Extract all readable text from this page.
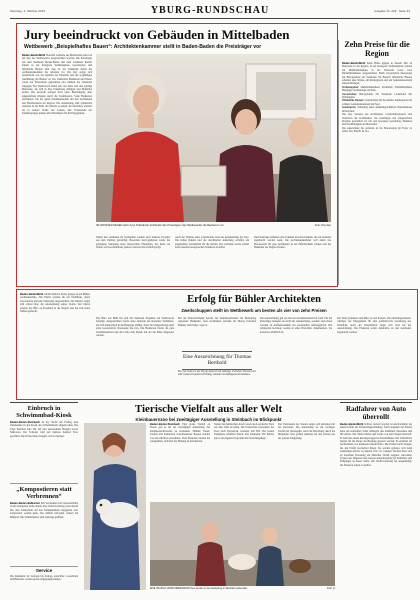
Samstag, 3. Oktober 2015	YBURG-RUNDSCHAU	Ausgabe Nr. 229 · Seite 33
Jury beeindruckt von Gebäuden in Mittelbaden
Wettbewerb „Beispielhaftes Bauen“: Architektenkammer stellt in Baden-Baden die Preisträger vor
Baden-Baden/Bühl Vierzehn Gebäude aus Mittelbaden sind von der Jury des Wettbewerbs ausgezeichnet worden. Die Preisträger aus dem Stadtkreis Baden-Baden und dem Landkreis Rastatt kamen in der Kategorie Wohnungsbau, Gewerbebau und öffentliche Bauten zum Zug. In der Trinkhalle stellte die Architektenkammer die Arbeiten vor. Die Jury zeigte sich beeindruckt von der Qualität der Entwürfe und der sorgfältigen Ausführung der Bauten vor Ort. Zahlreiche Bauherren und Planer waren zur Feierstunde gekommen und nahmen die Urkunden entgegen. Der Wettbewerb findet alle vier Jahre statt und würdigt Bauwerke, die sich in ihre Umgebung einfügen und Maßstäbe setzen. Die Auswahl erfolgte nach einer Besichtigung aller eingereichten Objekte durch die Kommission. Viele Bauherren berichteten von der guten Zusammenarbeit mit den Architekten und Handwerkern der Region. Die Ausstellung aller prämierten Arbeiten ist bis Ende des Monats zu sehen. Im Anschluss wandert sie in weitere Städte des Landes. Der Vorsitzende der Kammergruppe dankte allen Beteiligten für ihr Engagement.
IM GROSSEN SEGEN stellt Jurys Präsidentin Architektin den Preisträgern des Wettbewerbs die Bauherren vor	Foto: Penrose
Neben den Gebäuden im Stadtgebiet wurden auch mehrere Projekte aus dem Umland gewürdigt. Besonders hervorgehoben wurde die gelungene Sanierung eines historischen Ensembles, das heute als Wohn- und Geschäftshaus genutzt wird und das Ortsbild prägt.
Auch der Neubau einer Grundschule fand die Anerkennung der Jury. Die hellen Räume und die durchdachte Aufteilung schaffen ein angenehmes Lernumfeld für die Kinder. Das Gebäude wurde zudem nach neuesten energetischen Standards errichtet.
Die Preisträger erhielten eine Urkunde und eine Plakette, die am Gebäude angebracht werden kann. Die Architektenkammer will damit das Bewusstsein für gute Architektur in der Öffentlichkeit stärken und die Baukultur der Region fördern.
Zehn Preise für die Region
Baden-Baden/Bühl Zehn Preise gingen in diesem Jahr an Bauwerke in der Region. In der Kategorie Wohnungsbau wurden ein Mehrfamilienhaus in der Weststadt sowie zwei Einfamilienhäuser ausgezeichnet. Beim Gewerbebau überzeugte ein Bürogebäude am Stadtrand. Im Bereich öffentliche Bauten erhielten eine Schule, ein Kindergarten und ein Gemeindezentrum Auszeichnungen.
Wohnungsbau: Mehrfamilienhaus, Stadtmitte; Einfamilienhaus Hanglage; Wohnanlage am Park.
Gewerbebau: Bürogebäude mit Werkstatt; Ladenlokal mit Wohnungen.
Öffentliche Bauten: Grundschule mit Sporthalle; Kindergarten im Grünen; Gemeindezentrum mit Saal.
Sonderpreis: Sanierung eines denkmalgeschützten Bauernhauses im Rebland.
Die Jury bestand aus Architekten, Landschaftsplanern und Vertretern der Kommunen. Sie besichtigte alle eingereichten Projekte persönlich vor Ort und bewertete Gestaltung, Funktion und Nachhaltigkeit der Bauwerke.
Die Ausstellung der Arbeiten ist bis Monatsende im Foyer zu sehen. Der Eintritt ist frei.
Baden-Baden/Bühl Gleich mehrere Preise gingen an ein Bühler Architekturbüro. Die Planer wurden für ein Wohnhaus, einen Gewerbebau und eine Sanierung ausgezeichnet. Der Inhaber zeigte sich erfreut über die Anerkennung seines Teams. Seit Jahren arbeitet das Büro an Projekten in der Region und hat sich einen Namen gemacht.
Erfolg für Bühler Architekten
Zweitschuppen stellt im Wettbewerb am besten als vier von zehn Preisen
Das Büro aus Bühl hat sich mit mehreren Projekten am Wettbewerb beteiligt. Ausgezeichnet wurde unter anderem ein modernes Wohnhaus, das sich harmonisch in die Hanglage einfügt. Auch die Umgestaltung eines alten Gewerbehofs überzeugte die Jury. Die Bauherren lobten die gute Zusammenarbeit und die Liebe zum Detail, mit der die Pläne umgesetzt wurden.
Bei der Preisverleihung betonte der Kammerpräsident die Bedeutung regionaler Baukultur. Gute Architektur entstehe im Dialog zwischen Bauherr und Planer, sagte er.
Eine Auszeichnung für Thomas Berthold
Für das Team ist der Erfolg Ansporn für künftige Vorhaben. Bereits jetzt sind weitere Projekte in Planung, darunter ein Mehrgenerationenhaus.
Die Auszeichnung gilt als eine der renommiertesten im Land. Für die Preisträger bedeutet sie nicht nur Anerkennung, sondern auch einen Gewinn an Aufmerksamkeit bei potenziellen Auftraggebern. Die prämierten Gebäude werden in einer Broschüre dokumentiert, die kostenlos erhältlich ist.
Die Stadt gratulierte dem Büro zu den Preisen. Der Oberbürgermeister würdigte das Engagement für eine qualitätsvolle Gestaltung der Ortsbilder. Auch der Ortschaftsrat zeigte sich stolz auf die Auszeichnung. Die Plaketten sollen demnächst an den Gebäuden angebracht werden.
Einbruch in Schwimmbad-Kiosk
Baden-Baden-Steinbach In der Nacht auf Freitag sind Unbekannte in den Kiosk des Schwimmbads eingebrochen. Die Täter hebelten eine Tür auf und entwendeten Bargeld sowie Süßwaren. Der Schaden wird auf mehrere hundert Euro geschätzt. Die Polizei bittet Zeugen, sich zu melden.
„Kompostieren statt Verbrennen“
Baden-Baden-Balbacher Das Verbrennen von Gartenabfällen ist im Stadtgebiet nicht erlaubt. Die Stadtverwaltung weist darauf hin, dass Grünschnitt auf den Sammelplätzen abgegeben oder kompostiert werden kann. Wer Abfälle verbrennt, riskiert ein Bußgeld. Die Sammelplätze sind samstags geöffnet.
Service
Die Redaktion ist montags bis freitags erreichbar. Leserbriefe und Hinweise werden gerne entgegengenommen.
Tierische Vielfalt aus aller Welt
Kleinbauernzoo bei zweitägiger Ausstellung in Steinbach im Blickpunkt
Baden-Baden-Steinbach Eine große Vielfalt an Tieren gab es bei der zweitägigen Ausstellung des Kleintierzuchtvereins zu bestaunen. Hühner, Enten, Tauben und Kaninchen verschiedenster Rassen wurden von den Züchtern präsentiert. Viele Besucher nutzten die Gelegenheit, sich über die Haltung zu informieren.
Neben den heimischen Arten waren auch exotische Tiere aus aller Welt zu sehen. Die Preisrichter bewerteten die Tiere nach Körperbau, Gefieder und Fell. Die besten Exemplare erhielten Pokale und Urkunden. Für Kinder gab es ein eigenes Programm mit Streichelgehege.
Der Vorsitzende des Vereins zeigte sich zufrieden mit der Resonanz. Die Ausstellung sei ein wichtiger Termin im Vereinsjahr. Auch die Bewirtung durch die Mitglieder fand großen Anklang bei den Gästen aus der ganzen Umgebung.
EINE VIELFALT VERSCHIEDENSTER Tiere wurden in der Ausstellung in Steinbach präsentiert.	Foto: pr
Radfahrer von Auto überrollt
Baden-Baden/Bühl Schwer verletzt worden ist ein Radfahrer bei einem Unfall am Donnerstagnachmittag. Nach Angaben der Polizei hatte ein Autofahrer beim Abbiegen den Radfahrer übersehen und ihn erfasst. Der Mann stürzte und wurde von dem Wagen überrollt. Er kam mit einem Rettungswagen ins Krankenhaus. Die Unfallstelle musste für die Dauer der Bergung gesperrt werden. Es entstand ein Sachschaden von mehreren tausend Euro. Die Polizei sucht Zeugen, die den Unfall beobachtet haben. Sie werden gebeten, sich beim zuständigen Revier zu melden. Erst vor wenigen Wochen hatte sich an derselben Kreuzung ein ähnlicher Unfall ereignet. Anwohner fordern seit längerem eine bessere Ampelregelung für Radfahrer und Fußgänger an dieser Stelle. Die Stadtverwaltung hat angekündigt, die Situation erneut zu prüfen.
